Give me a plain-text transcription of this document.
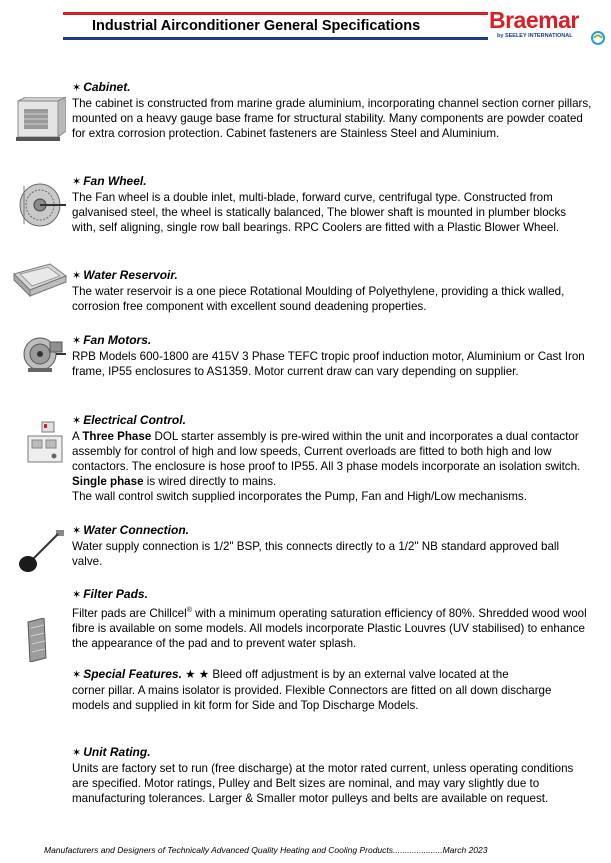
Industrial Airconditioner General Specifications	Braemar
by SEELEY INTERNATIONAL

✶ Cabinet.

The cabinet is constructed from marine grade aluminium, incorporating channel section corner pillars, mounted on a heavy gauge base frame for structural stability. Many components are powder coated for extra corrosion protection. Cabinet fasteners are Stainless Steel and Aluminium.

✶ Fan Wheel.

The Fan wheel is a double inlet, multi-blade, forward curve, centrifugal type. Constructed from galvanised steel, the wheel is statically balanced, The blower shaft is mounted in plumber blocks with, self aligning, single row ball bearings. RPC Coolers are fitted with a Plastic Blower Wheel.

✶ Water Reservoir.

The water reservoir is a one piece Rotational Moulding of Polyethylene, providing a thick walled, corrosion free component with excellent sound deadening properties.

✶ Fan Motors.

RPB Models 600-1800 are 415V 3 Phase TEFC tropic proof induction motor, Aluminium or Cast Iron frame, IP55 enclosures to AS1359. Motor current draw can vary depending on supplier.

✶ Electrical Control.

A Three Phase DOL starter assembly is pre-wired within the unit and incorporates a dual contactor assembly for control of high and low speeds, Current overloads are fitted to both high and low contactors. The enclosure is hose proof to IP55. All 3 phase models incorporate an isolation switch. Single phase is wired directly to mains.

The wall control switch supplied incorporates the Pump, Fan and High/Low mechanisms.

✶ Water Connection.

Water supply connection is 1/2" BSP, this connects directly to a 1/2" NB standard approved ball valve.

✶ Filter Pads.

Filter pads are Chillcel® with a minimum operating saturation efficiency of 80%. Shredded wood wool fibre is available on some models. All models incorporate Plastic Louvres (UV stabilised) to enhance the appearance of the pad and to prevent water splash.

✶ Special Features. ★ ★ Bleed off adjustment is by an external valve located at the

corner pillar. A mains isolator is provided. Flexible Connectors are fitted on all down discharge models and supplied in kit form for Side and Top Discharge Models.

✶ Unit Rating.

Units are factory set to run (free discharge) at the motor rated current, unless operating conditions are specified. Motor ratings, Pulley and Belt sizes are nominal, and may vary slightly due to manufacturing tolerances. Larger & Smaller motor pulleys and belts are available on request.

Manufacturers and Designers of Technically Advanced Quality Heating and Cooling Products.....................March 2023
